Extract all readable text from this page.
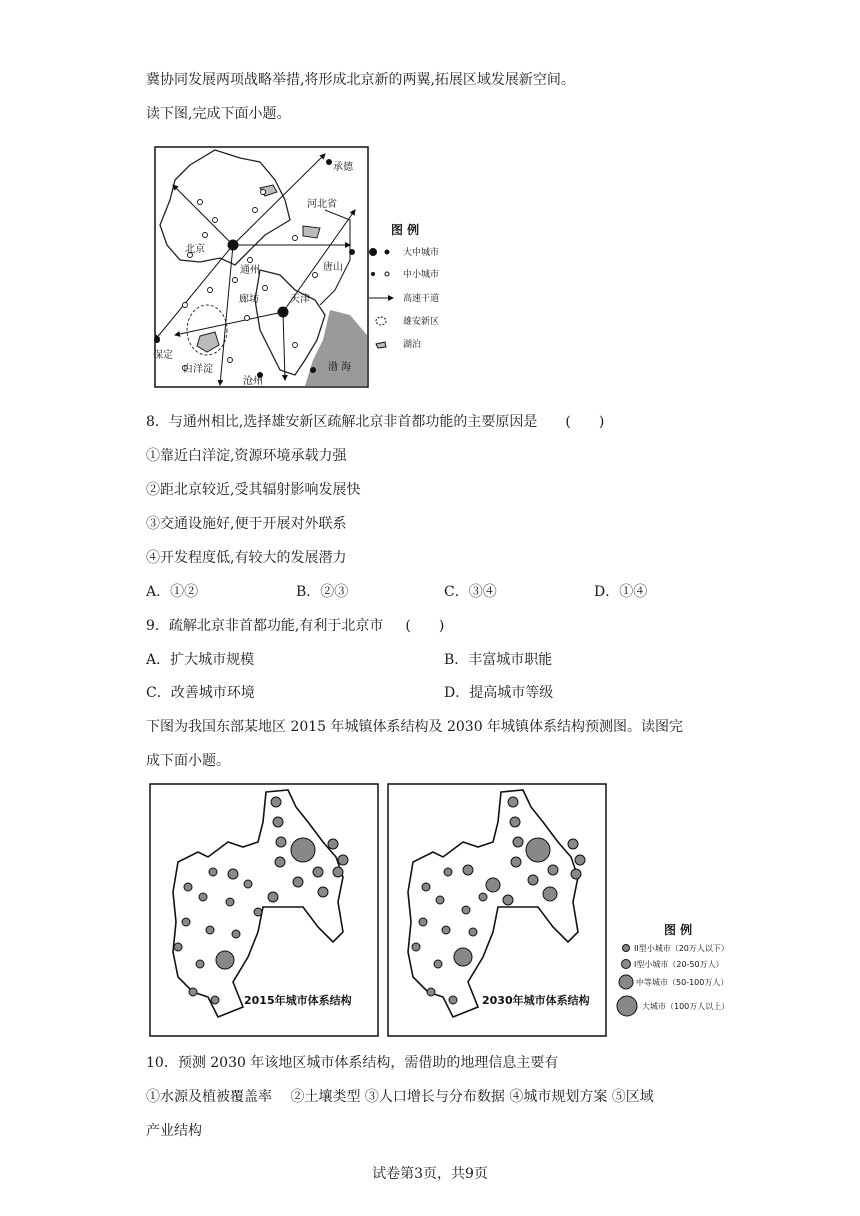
冀协同发展两项战略举措,将形成北京新的两翼,拓展区域发展新空间。
读下图,完成下面小题。
承德
河北省
北京
通州	唐山
廊坊	天津
保定
白洋淀
沧州
渤 海
图 例
大中城市
中小城市
高速干道
雄安新区
湖泊
8．与通州相比,选择雄安新区疏解北京非首都功能的主要原因是 (　　)
①靠近白洋淀,资源环境承载力强
②距北京较近,受其辐射影响发展快
③交通设施好,便于开展对外联系
④开发程度低,有较大的发展潜力
A．①②	B．②③	C．③④	D．①④
9．疏解北京非首都功能,有利于北京市 (　　)
A．扩大城市规模	B．丰富城市职能
C．改善城市环境	D．提高城市等级
下图为我国东部某地区 2015 年城镇体系结构及 2030 年城镇体系结构预测图。读图完
成下面小题。
2015年城市体系结构	2030年城市体系结构
图 例
II型小城市（20万人以下）
I型小城市（20-50万人）
中等城市（50-100万人）
大城市（100万人以上）
10．预测 2030 年该地区城市体系结构，需借助的地理信息主要有
①水源及植被覆盖率　 ②土壤类型 ③人口增长与分布数据 ④城市规划方案 ⑤区域
产业结构
试卷第3页，共9页
